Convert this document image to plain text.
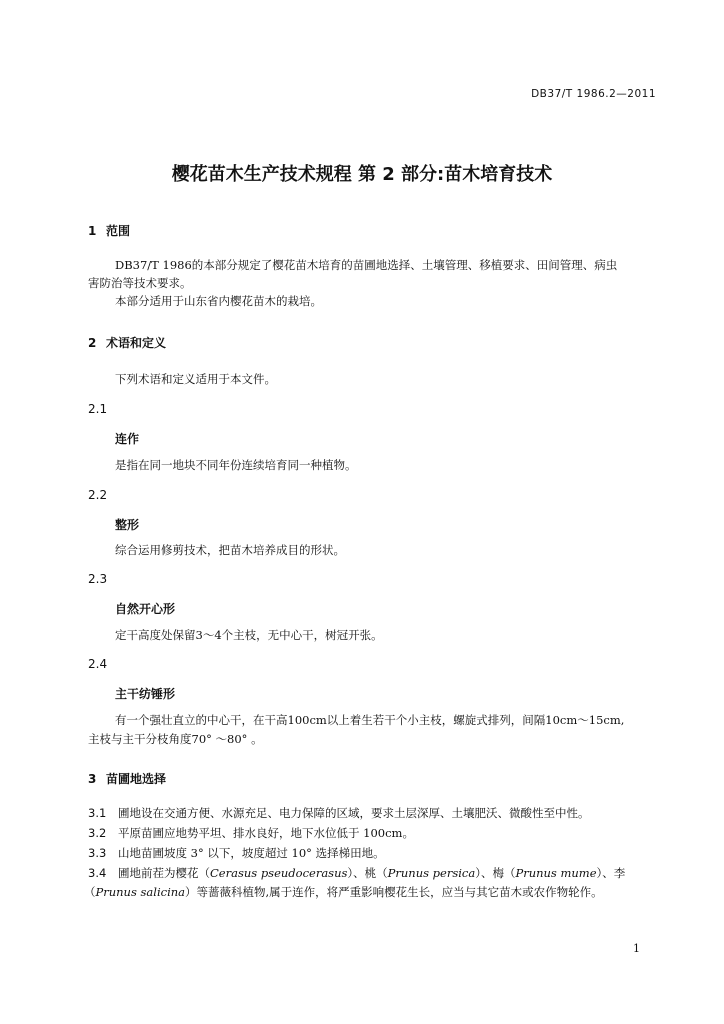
DB37/T 1986.2—2011
樱花苗木生产技术规程 第 2 部分:苗木培育技术
1 范围
DB37/T 1986的本部分规定了樱花苗木培育的苗圃地选择、土壤管理、移植要求、田间管理、病虫
害防治等技术要求。
本部分适用于山东省内樱花苗木的栽培。
2 术语和定义
下列术语和定义适用于本文件。
2.1
连作
是指在同一地块不同年份连续培育同一种植物。
2.2
整形
综合运用修剪技术，把苗木培养成目的形状。
2.3
自然开心形
定干高度处保留3～4个主枝，无中心干，树冠开张。
2.4
主干纺锤形
有一个强壮直立的中心干，在干高100cm以上着生若干个小主枝，螺旋式排列，间隔10cm～15cm,
主枝与主干分枝角度70° ～80° 。
3 苗圃地选择
3.1 圃地设在交通方便、水源充足、电力保障的区域，要求土层深厚、土壤肥沃、微酸性至中性。
3.2 平原苗圃应地势平坦、排水良好，地下水位低于 100cm。
3.3 山地苗圃坡度 3° 以下，坡度超过 10° 选择梯田地。
3.4 圃地前茬为樱花（Cerasus pseudocerasus）、桃（Prunus persica）、梅（Prunus mume）、李
（Prunus salicina）等蔷薇科植物,属于连作，将严重影响樱花生长，应当与其它苗木或农作物轮作。
1
